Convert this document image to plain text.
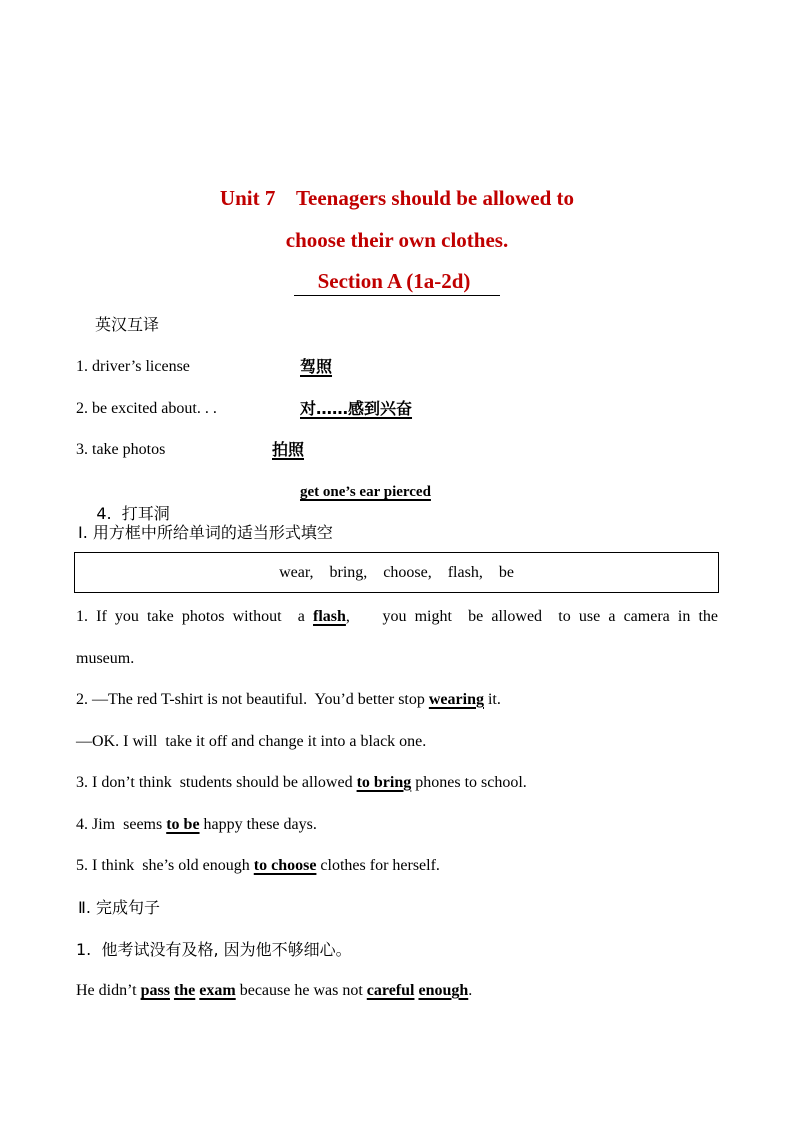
Unit 7    Teenagers should be allowed to
choose their own clothes.
Section A (1a-2d)
英汉互译
1. driver’s license	驾照
2. be excited about. . .	对……感到兴奋
3. take photos	拍照

4.  打耳洞

get one’s ear pierced
Ⅰ. 用方框中所给单词的适当形式填空
wear,    bring,    choose,    flash,    be
1. If you take photos without  a flash,    you might  be allowed  to use a camera in the
museum.
2. —The red T-shirt is not beautiful.  You’d better stop wearing it.
—OK. I will  take it off and change it into a black one.
3. I don’t think  students should be allowed to bring phones to school.
4. Jim  seems to be happy these days.
5. I think  she’s old enough to choose clothes for herself.
Ⅱ. 完成句子
1.  他考试没有及格, 因为他不够细心。
He didn’t pass the exam because he was not careful enough.
